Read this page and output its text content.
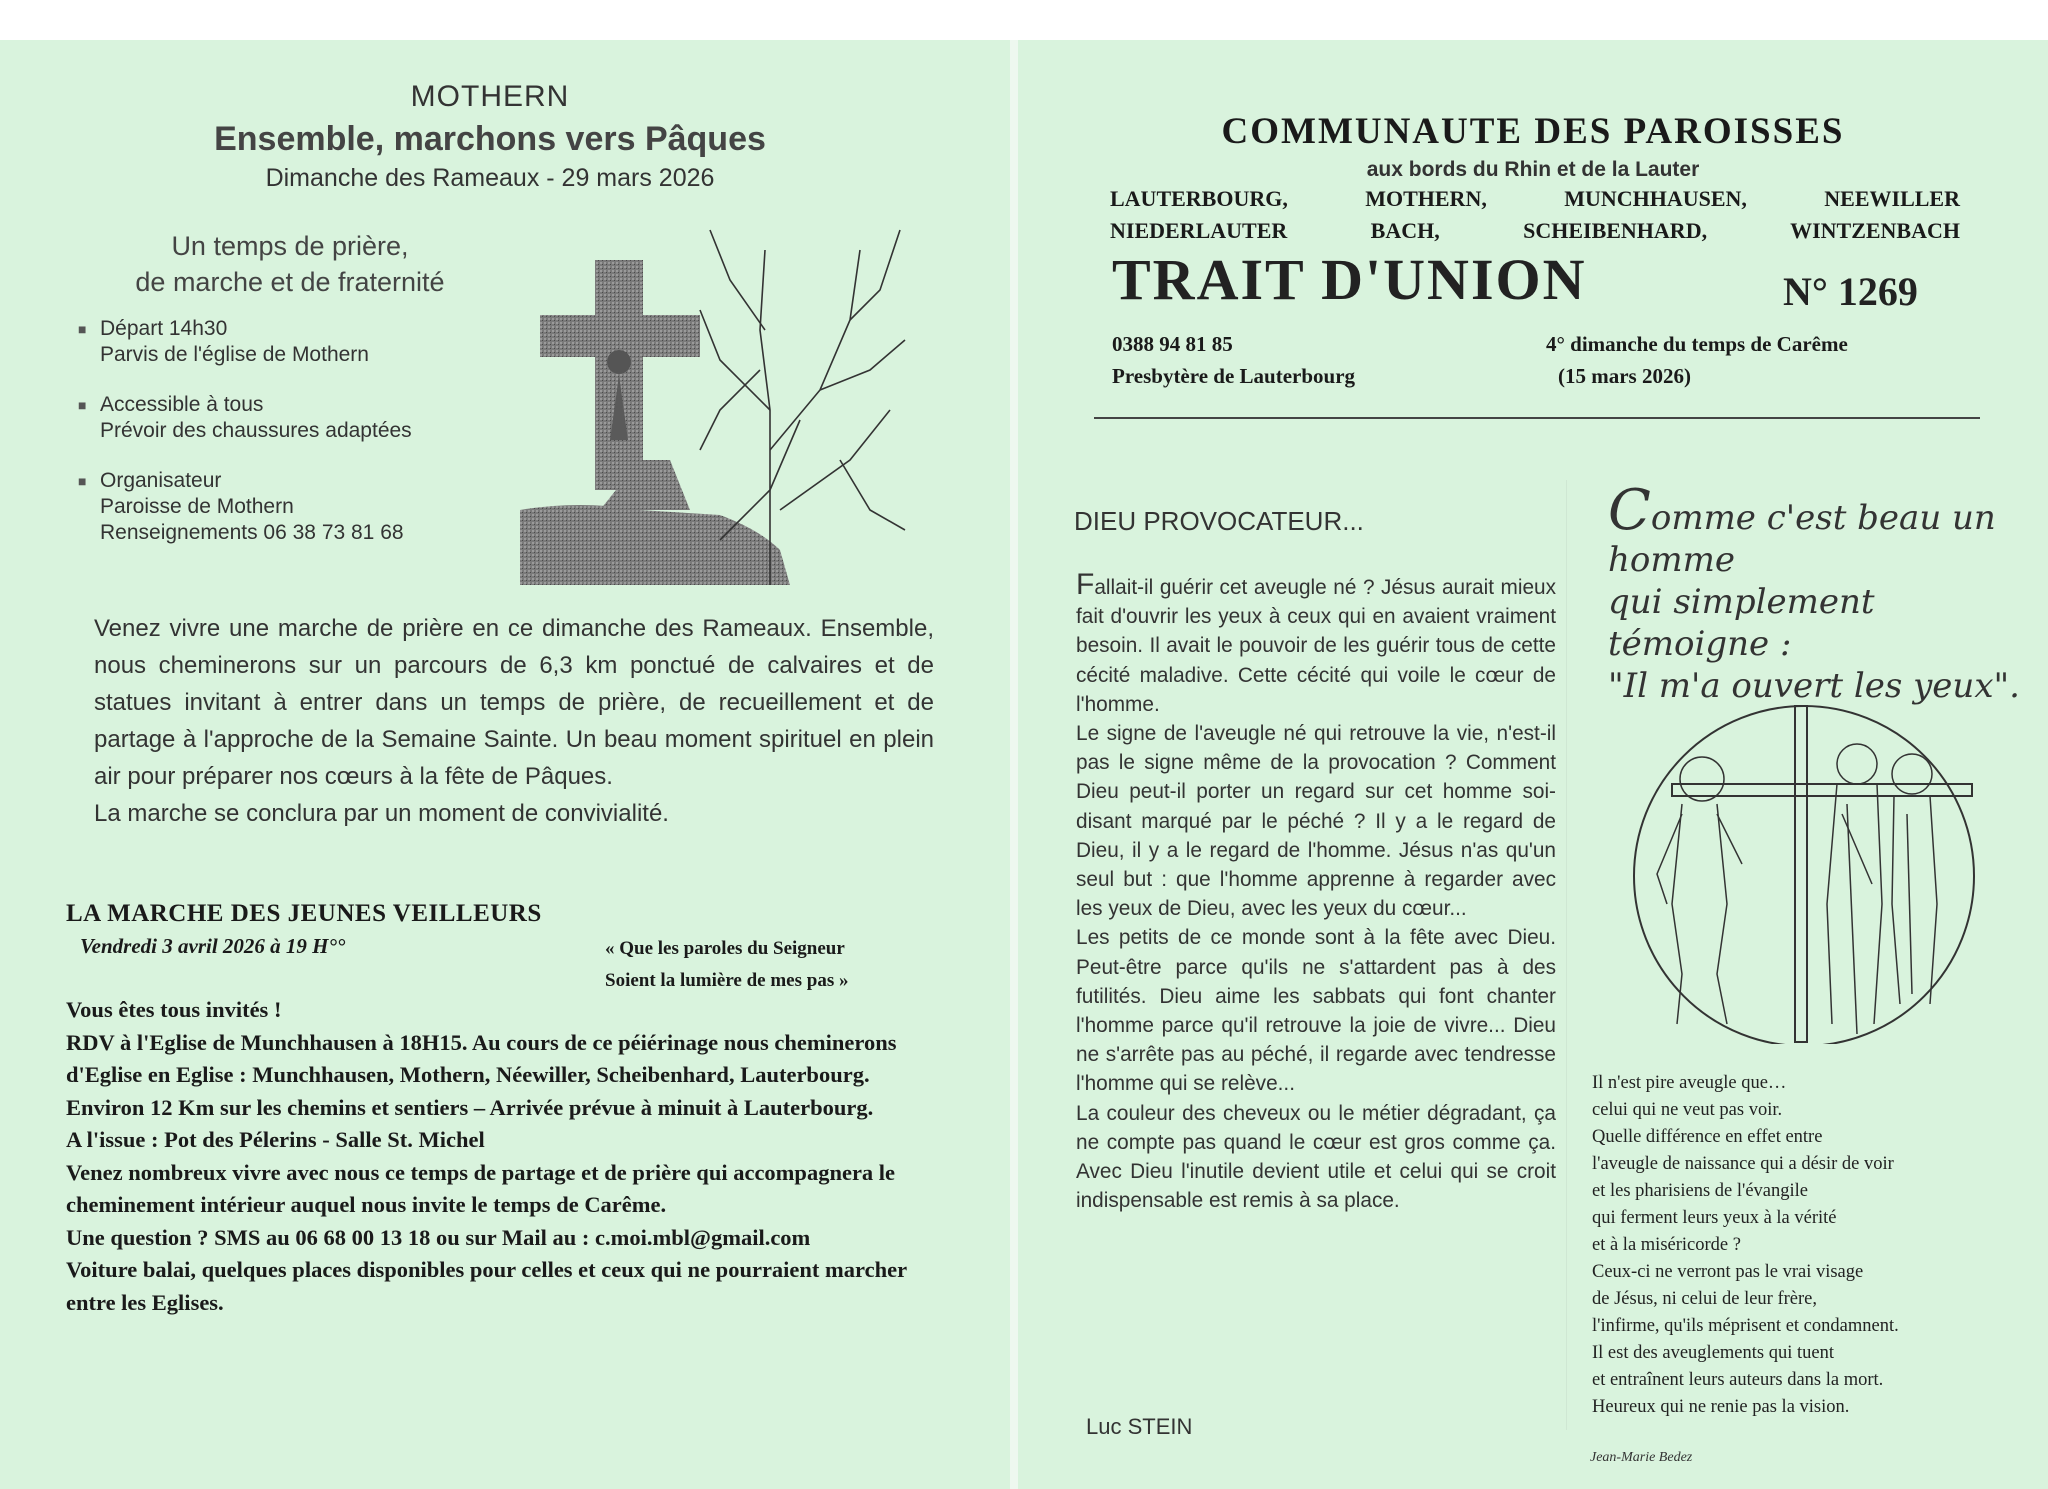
MOTHERN
Ensemble, marchons vers Pâques
Dimanche des Rameaux - 29 mars 2026
Un temps de prière,
de marche et de fraternité
■ Départ 14h30
Parvis de l'église de Mothern
■ Accessible à tous
Prévoir des chaussures adaptées
■ Organisateur
Paroisse de Mothern
Renseignements 06 38 73 81 68
Venez vivre une marche de prière en ce dimanche des Rameaux. Ensemble, nous cheminerons sur un parcours de 6,3 km ponctué de calvaires et de statues invitant à entrer dans un temps de prière, de recueillement et de partage à l'approche de la Semaine Sainte. Un beau moment spirituel en plein air pour préparer nos cœurs à la fête de Pâques.
La marche se conclura par un moment de convivialité.
LA MARCHE DES JEUNES VEILLEURS
Vendredi 3 avril 2026 à 19 H°°	« Que les paroles du Seigneur
Soient la lumière de mes pas »

Vous êtes tous invités !

RDV à l'Eglise de Munchhausen à 18H15. Au cours de ce péiérinage nous cheminerons d'Eglise en Eglise : Munchhausen, Mothern, Néewiller, Scheibenhard, Lauterbourg.

Environ 12 Km sur les chemins et sentiers – Arrivée prévue à minuit à Lauterbourg.

A l'issue : Pot des Pélerins - Salle St. Michel

Venez nombreux vivre avec nous ce temps de partage et de prière qui accompagnera le cheminement intérieur auquel nous invite le temps de Carême.

Une question ? SMS au 06 68 00 13 18 ou sur Mail au : c.moi.mbl@gmail.com

Voiture balai, quelques places disponibles pour celles et ceux qui ne pourraient marcher entre les Eglises.

COMMUNAUTE DES PAROISSES
aux bords du Rhin et de la Lauter
LAUTERBOURG, MOTHERN, MUNCHHAUSEN, NEEWILLER
NIEDERLAUTER BACH, SCHEIBENHARD, WINTZENBACH
TRAIT D'UNION	N° 1269
0388 94 81 85
Presbytère de Lauterbourg
4° dimanche du temps de Carême
(15 mars 2026)
DIEU PROVOCATEUR...

Fallait-il guérir cet aveugle né ? Jésus aurait mieux fait d'ouvrir les yeux à ceux qui en avaient vraiment besoin. Il avait le pouvoir de les guérir tous de cette cécité maladive. Cette cécité qui voile le cœur de l'homme.

Le signe de l'aveugle né qui retrouve la vie, n'est-il pas le signe même de la provocation ? Comment Dieu peut-il porter un regard sur cet homme soi-disant marqué par le péché ? Il y a le regard de Dieu, il y a le regard de l'homme. Jésus n'as qu'un seul but : que l'homme apprenne à regarder avec les yeux de Dieu, avec les yeux du cœur...

Les petits de ce monde sont à la fête avec Dieu. Peut-être parce qu'ils ne s'attardent pas à des futilités. Dieu aime les sabbats qui font chanter l'homme parce qu'il retrouve la joie de vivre... Dieu ne s'arrête pas au péché, il regarde avec tendresse l'homme qui se relève...

La couleur des cheveux ou le métier dégradant, ça ne compte pas quand le cœur est gros comme ça. Avec Dieu l'inutile devient utile et celui qui se croit indispensable est remis à sa place.

Luc STEIN
Comme c'est beau un
homme
qui simplement témoigne :
"Il m'a ouvert les yeux".
Il n'est pire aveugle que…
celui qui ne veut pas voir.
Quelle différence en effet entre
l'aveugle de naissance qui a désir de voir
et les pharisiens de l'évangile
qui ferment leurs yeux à la vérité
et à la miséricorde ?
Ceux-ci ne verront pas le vrai visage
de Jésus, ni celui de leur frère,
l'infirme, qu'ils méprisent et condamnent.
Il est des aveuglements qui tuent
et entraînent leurs auteurs dans la mort.
Heureux qui ne renie pas la vision.
Jean-Marie Bedez
